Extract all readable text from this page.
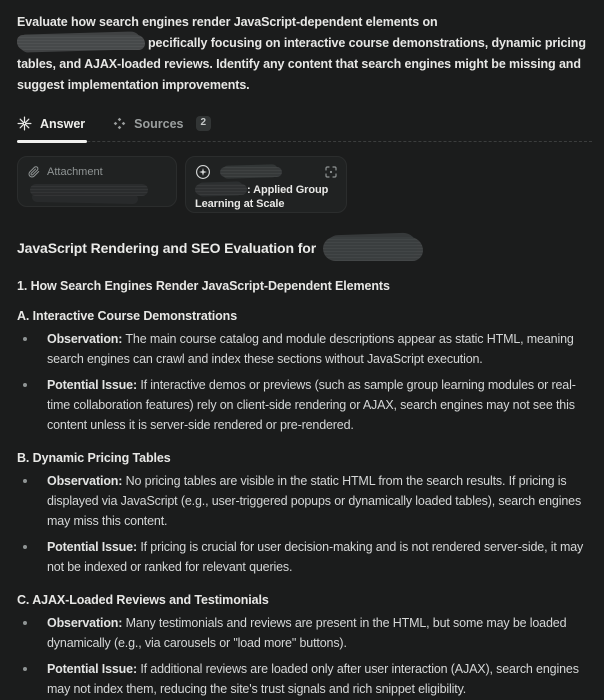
Evaluate how search engines render JavaScript-dependent elements on
pecifically focusing on interactive course demonstrations, dynamic pricing tables, and AJAX-loaded reviews. Identify any content that search engines might be missing and suggest implementation improvements.
Answer	Sources	2
Attachment
: Applied Group Learning at Scale
JavaScript Rendering and SEO Evaluation for
1. How Search Engines Render JavaScript-Dependent Elements
A. Interactive Course Demonstrations
Observation: The main course catalog and module descriptions appear as static HTML, meaning search engines can crawl and index these sections without JavaScript execution.
Potential Issue: If interactive demos or previews (such as sample group learning modules or real-time collaboration features) rely on client-side rendering or AJAX, search engines may not see this content unless it is server-side rendered or pre-rendered.
B. Dynamic Pricing Tables
Observation: No pricing tables are visible in the static HTML from the search results. If pricing is displayed via JavaScript (e.g., user-triggered popups or dynamically loaded tables), search engines may miss this content.
Potential Issue: If pricing is crucial for user decision-making and is not rendered server-side, it may not be indexed or ranked for relevant queries.
C. AJAX-Loaded Reviews and Testimonials
Observation: Many testimonials and reviews are present in the HTML, but some may be loaded dynamically (e.g., via carousels or "load more" buttons).
Potential Issue: If additional reviews are loaded only after user interaction (AJAX), search engines may not index them, reducing the site's trust signals and rich snippet eligibility.
